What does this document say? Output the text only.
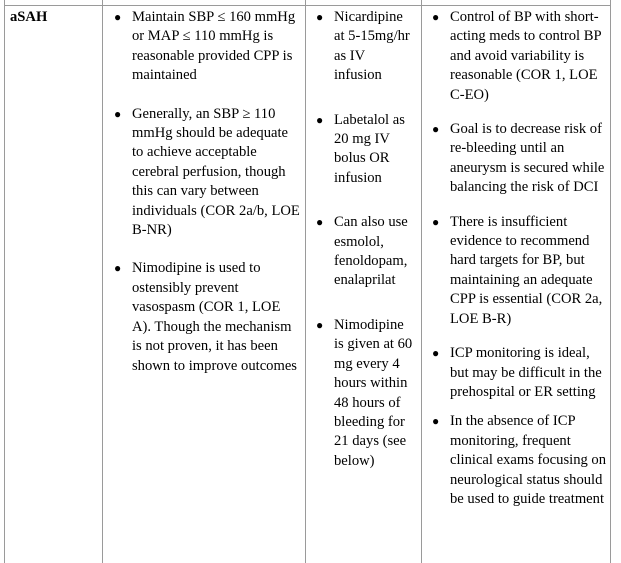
aSAH	● Maintain SBP ≤ 160 mmHg or MAP ≤ 110 mmHg is reasonable provided CPP is maintained
● Generally, an SBP ≥ 110 mmHg should be adequate to achieve acceptable cerebral perfusion, though this can vary between individuals (COR 2a/b, LOE B-NR)
● Nimodipine is used to ostensibly prevent vasospasm (COR 1, LOE A). Though the mechanism is not proven, it has been shown to improve outcomes
● Nicardipine at 5-15mg/hr as IV infusion
● Labetalol as 20 mg IV bolus OR infusion
● Can also use esmolol, fenoldopam, enalaprilat
● Nimodipine is given at 60 mg every 4 hours within 48 hours of bleeding for 21 days (see below)
● Control of BP with short-acting meds to control BP and avoid variability is reasonable (COR 1, LOE C-EO)
● Goal is to decrease risk of re-bleeding until an aneurysm is secured while balancing the risk of DCI
● There is insufficient evidence to recommend hard targets for BP, but maintaining an adequate CPP is essential (COR 2a, LOE B-R)
● ICP monitoring is ideal, but may be difficult in the prehospital or ER setting
● In the absence of ICP monitoring, frequent clinical exams focusing on neurological status should be used to guide treatment
